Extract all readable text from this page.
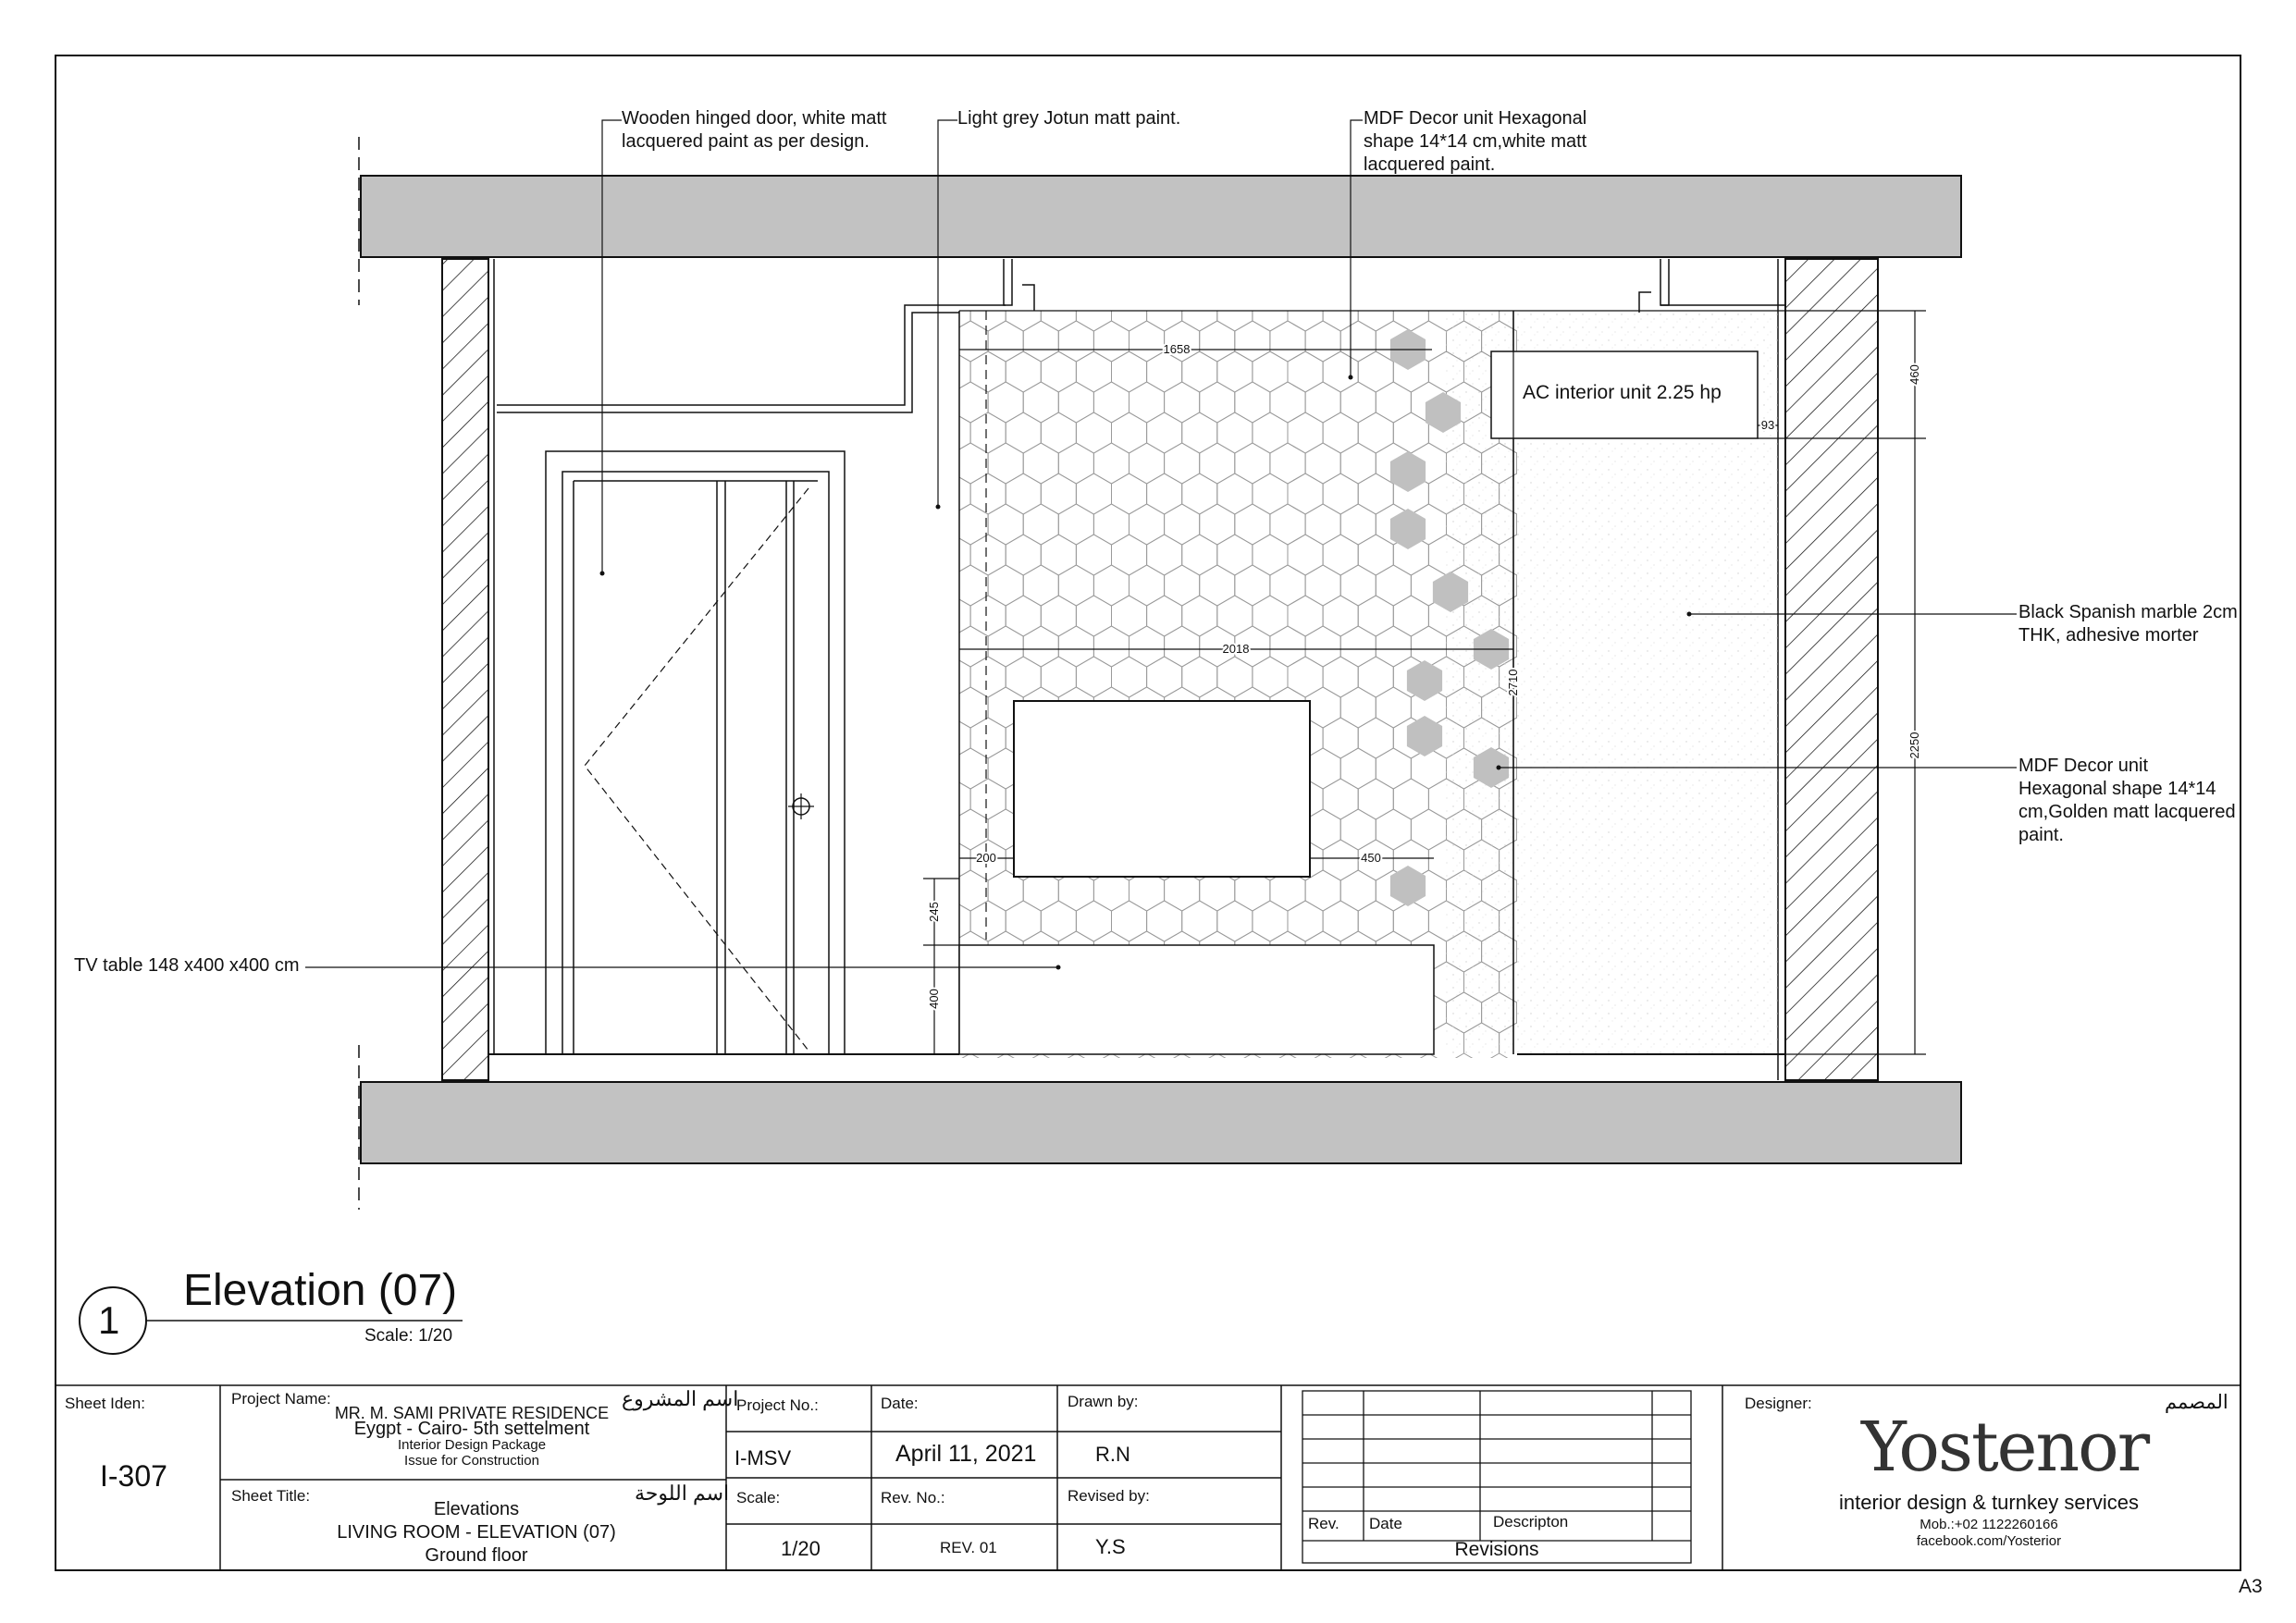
1658
2018
200	450
245
400
2710
93
460
2250
Wooden hinged door, white matt
lacquered paint as per design.
Light grey Jotun matt paint.	MDF Decor unit Hexagonal
shape 14*14 cm,white matt
lacquered paint.
Black Spanish marble 2cm
THK, adhesive morter
MDF Decor unit
Hexagonal shape 14*14
cm,Golden matt lacquered
paint.
TV table 148 x400 x400 cm
AC interior unit 2.25 hp
1
Elevation (07)
Scale: 1/20
Sheet Iden:
I-307
Project Name:	اسم المشروع
MR. M. SAMI PRIVATE RESIDENCE
Eygpt - Cairo- 5th settelment
Interior Design Package
Issue for Construction
Sheet Title:	اسم اللوحة
Elevations
LIVING ROOM - ELEVATION (07)
Ground floor
Project No.:
I-MSV
Scale:
1/20
Date:
April 11, 2021
Rev. No.:
REV. 01
Drawn by:
R.N
Revised by:
Y.S
Rev. Date	Descripton
Revisions
Designer:	المصمم
Yostenor
interior design & turnkey services
Mob.:+02 1122260166
facebook.com/Yosterior
A3
